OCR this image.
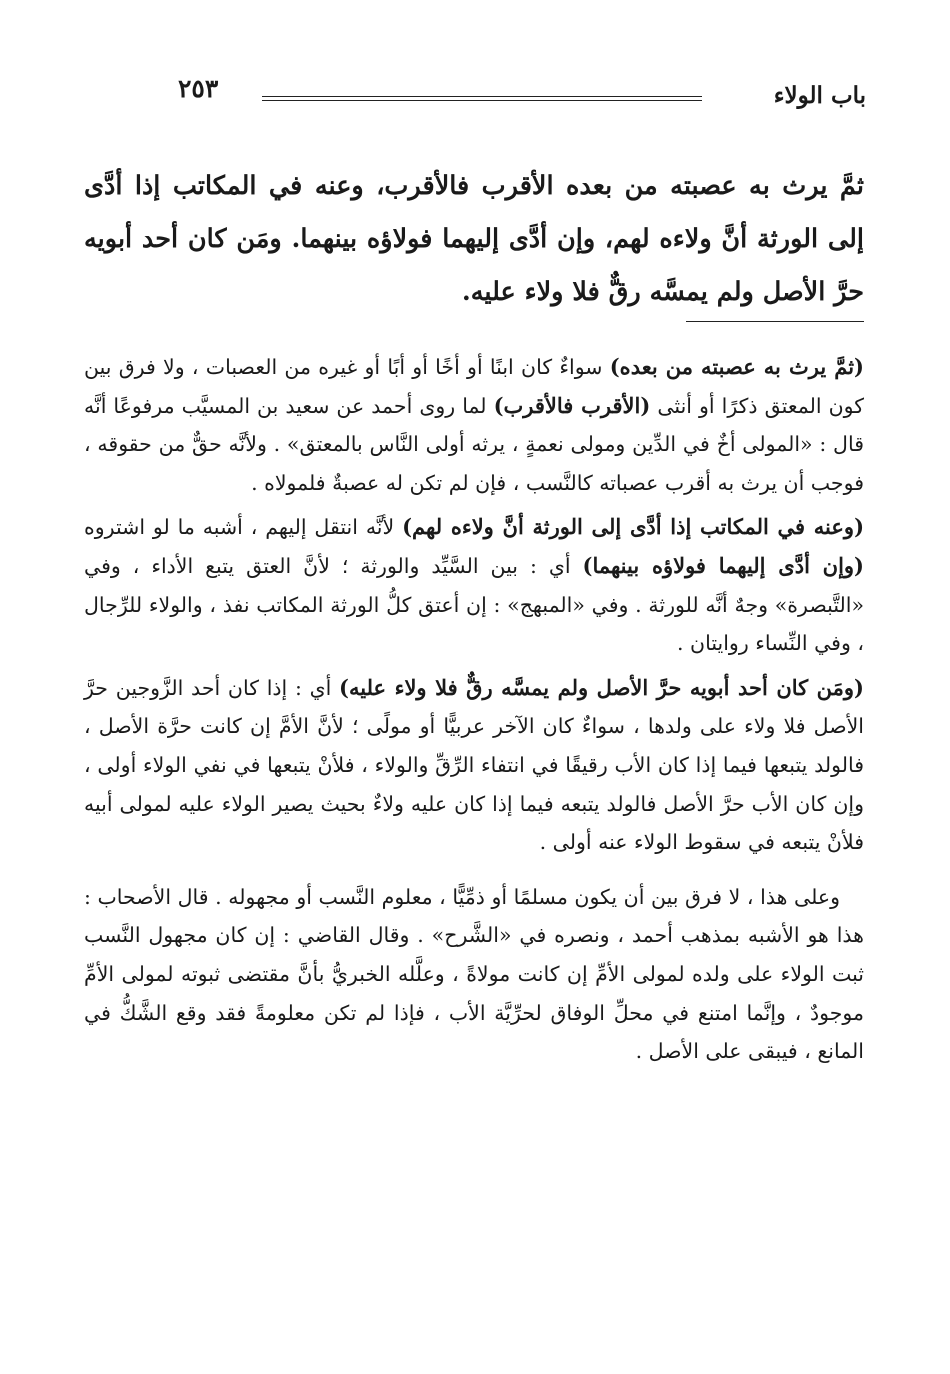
باب الولاء
٢٥٣

ثمَّ يرث به عصبته من بعده الأقرب فالأقرب، وعنه في المكاتب إذا أدَّى إلى الورثة أنَّ ولاءه لهم، وإن أدَّى إليهما فولاؤه بينهما. ومَن كان أحد أبويه حرَّ الأصل ولم يمسَّه رقٌّ فلا ولاء عليه.

(ثمَّ يرث به عصبته من بعده) سواءٌ كان ابنًا أو أخًا أو أبًا أو غيره من العصبات ، ولا فرق بين كون المعتق ذكرًا أو أنثى (الأقرب فالأقرب) لما روى أحمد عن سعيد بن المسيَّب مرفوعًا أنَّه قال : «المولى أخٌ في الدِّين ومولى نعمةٍ ، يرثه أولى النَّاس بالمعتق» . ولأنَّه حقٌّ من حقوقه ، فوجب أن يرث به أقرب عصباته كالنَّسب ، فإن لم تكن له عصبةٌ فلمولاه .

(وعنه في المكاتب إذا أدَّى إلى الورثة أنَّ ولاءه لهم) لأنَّه انتقل إليهم ، أشبه ما لو اشتروه (وإن أدَّى إليهما فولاؤه بينهما) أي : بين السَّيِّد والورثة ؛ لأنَّ العتق يتبع الأداء ، وفي «التَّبصرة» وجهٌ أنَّه للورثة . وفي «المبهج» : إن أعتق كلُّ الورثة المكاتب نفذ ، والولاء للرِّجال ، وفي النِّساء روايتان .

(ومَن كان أحد أبويه حرَّ الأصل ولم يمسَّه رقٌّ فلا ولاء عليه) أي : إذا كان أحد الزَّوجين حرَّ الأصل فلا ولاء على ولدها ، سواءٌ كان الآخر عربيًّا أو مولًى ؛ لأنَّ الأمَّ إن كانت حرَّة الأصل ، فالولد يتبعها فيما إذا كان الأب رقيقًا في انتفاء الرِّقِّ والولاء ، فلأنْ يتبعها في نفي الولاء أولى ، وإن كان الأب حرَّ الأصل فالولد يتبعه فيما إذا كان عليه ولاءٌ بحيث يصير الولاء عليه لمولى أبيه فلأنْ يتبعه في سقوط الولاء عنه أولى .

وعلى هذا ، لا فرق بين أن يكون مسلمًا أو ذمِّيًّا ، معلوم النَّسب أو مجهوله . قال الأصحاب : هذا هو الأشبه بمذهب أحمد ، ونصره في «الشَّرح» . وقال القاضي : إن كان مجهول النَّسب ثبت الولاء على ولده لمولى الأمِّ إن كانت مولاةً ، وعلَّله الخبريُّ بأنَّ مقتضى ثبوته لمولى الأمِّ موجودٌ ، وإنَّما امتنع في محلِّ الوفاق لحرِّيَّة الأب ، فإذا لم تكن معلومةً فقد وقع الشَّكُّ في المانع ، فيبقى على الأصل .
